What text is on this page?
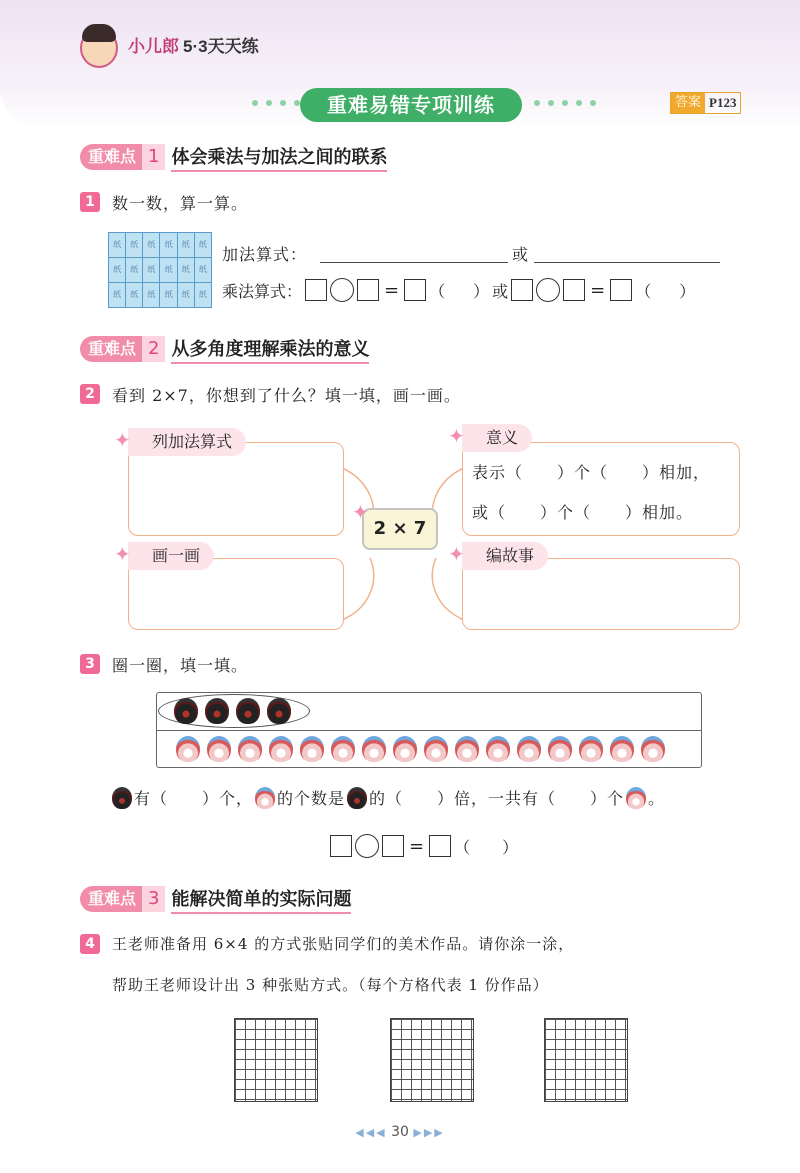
小儿郎 5·3天天练
重难易错专项训练	答案 P123
重难点 1 体会乘法与加法之间的联系
1	数一数，算一算。
纸	纸	纸	纸	纸	纸
纸	纸	纸	纸	纸	纸
纸	纸	纸	纸	纸	纸
加法算式：	或
乘法算式：	= （ ） 或	= （ ）
重难点 2 从多角度理解乘法的意义
2	看到 2×7，你想到了什么？填一填，画一画。
列加法算式
✦	意义
✦
表示（　　）个（　　）相加，
或（　　）个（　　）相加。
2 × 7
✦
画一画
✦	编故事
✦
3	圈一圈，填一填。
有（　　）个， 的个数是 的（　　）倍，一共有（　　）个 。
= （　　）
重难点 3 能解决简单的实际问题
4	王老师准备用 6×4 的方式张贴同学们的美术作品。请你涂一涂，
帮助王老师设计出 3 种张贴方式。（每个方格代表 1 份作品）
◀◀◀ 30 ▶▶▶
